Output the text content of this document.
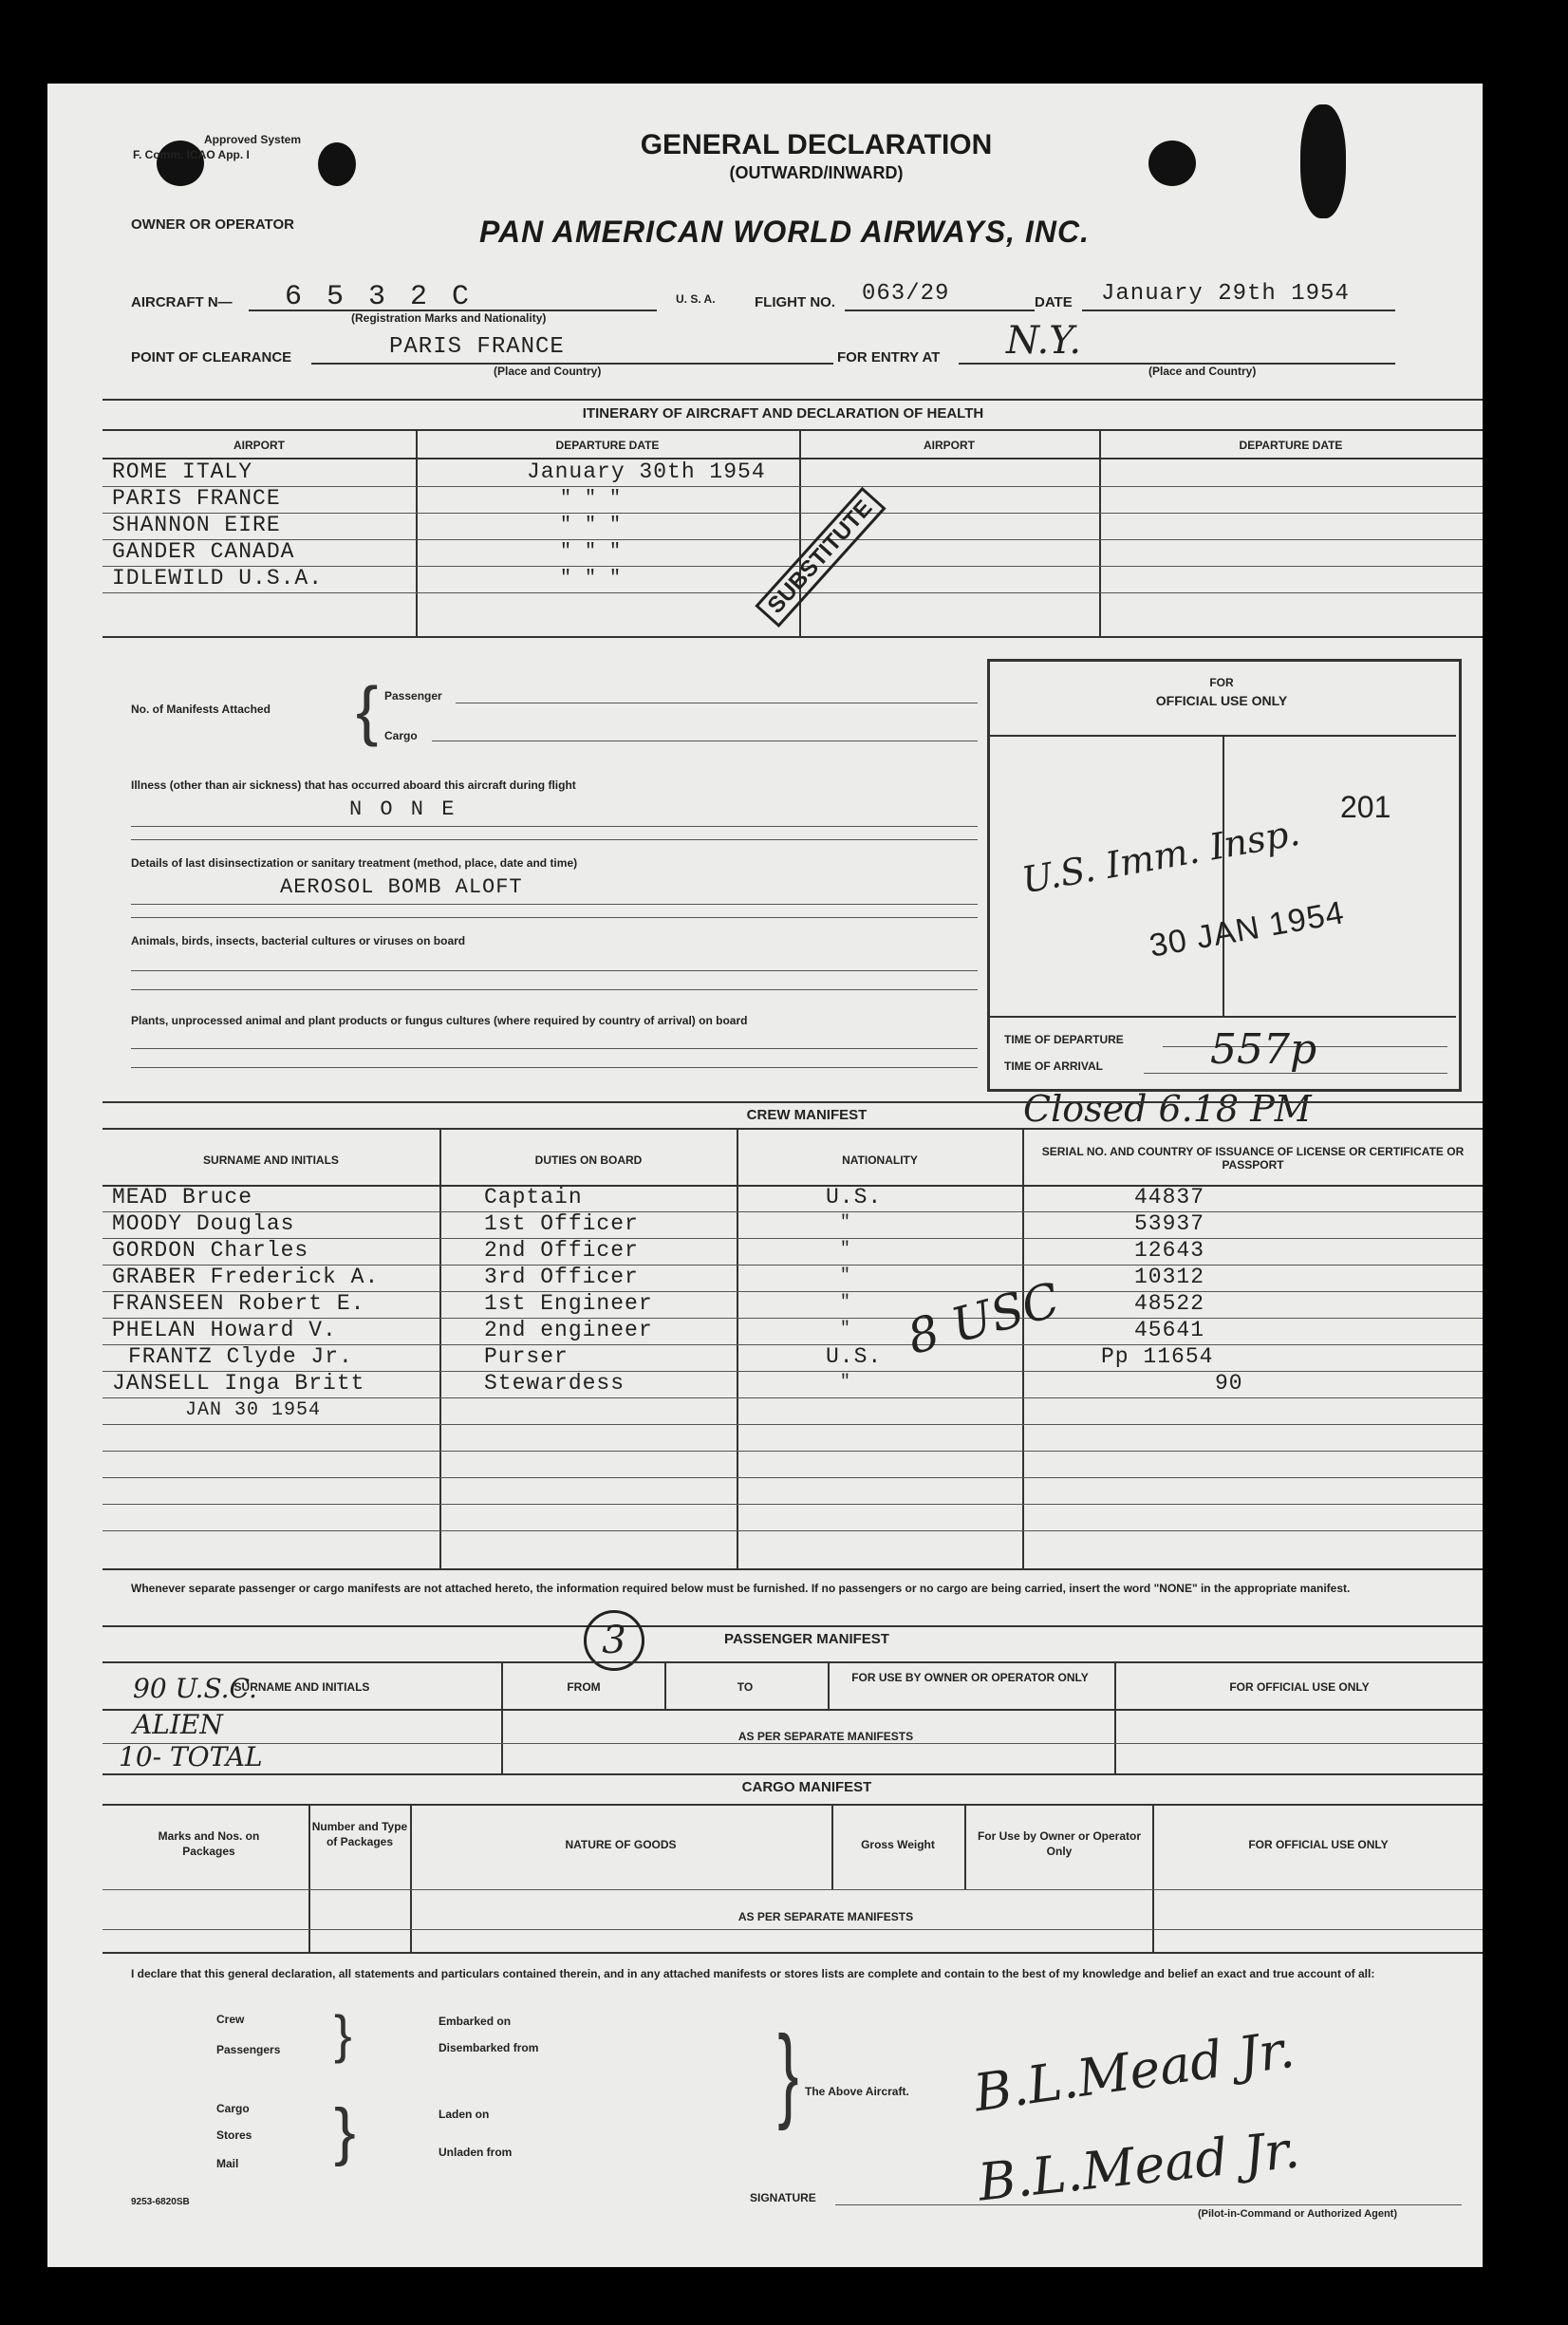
Approved System
F. Comm. ICAO App. I	GENERAL DECLARATION
(OUTWARD/INWARD)
OWNER OR OPERATOR	PAN AMERICAN WORLD AIRWAYS, INC.
AIRCRAFT N— 6 5 3 2 C
(Registration Marks and Nationality)
U. S. A.	FLIGHT NO. 063/29	DATE January 29th 1954
POINT OF CLEARANCE	PARIS FRANCE
(Place and Country)
FOR ENTRY AT N.Y.
(Place and Country)
ITINERARY OF AIRCRAFT AND DECLARATION OF HEALTH
AIRPORT	DEPARTURE DATE	AIRPORT	DEPARTURE DATE
ROME ITALY	January 30th 1954
PARIS FRANCE	" " "
SHANNON EIRE	" " "
GANDER CANADA	" " "
IDLEWILD U.S.A.	" " "	SUBSTITUTE
No. of Manifests Attached { Passenger
Cargo
Illness (other than air sickness) that has occurred aboard this aircraft during flight
N O N E
Details of last disinsectization or sanitary treatment (method, place, date and time)
AEROSOL BOMB ALOFT
Animals, birds, insects, bacterial cultures or viruses on board
Plants, unprocessed animal and plant products or fungus cultures (where required by country of arrival) on board
FOR
OFFICIAL USE ONLY
201
U.S. Imm. Insp.
30 JAN 1954
TIME OF DEPARTURE
TIME OF ARRIVAL	557p
Closed 6.18 PM
CREW MANIFEST
SURNAME AND INITIALS	DUTIES ON BOARD	NATIONALITY
SERIAL NO. AND COUNTRY OF ISSUANCE OF LICENSE OR CERTIFICATE OR PASSPORT
MEAD Bruce	Captain	U.S.	44837
MOODY Douglas	1st Officer	"	53937
GORDON Charles	2nd Officer	"	12643
GRABER Frederick A.	3rd Officer	"	10312
FRANSEEN Robert E.	1st Engineer	"	48522
PHELAN Howard V.	2nd engineer	"	45641
FRANTZ Clyde Jr.	Purser	U.S.	Pp 11654
JANSELL Inga Britt	Stewardess	"	90
JAN 30 1954
8 USC
Whenever separate passenger or cargo manifests are not attached hereto, the information required below must be furnished. If no passengers or no cargo are being carried, insert the word "NONE" in the appropriate manifest.
PASSENGER MANIFEST
3
SURNAME AND INITIALS	FROM	TO
FOR USE BY OWNER OR OPERATOR ONLY
FOR OFFICIAL USE ONLY
AS PER SEPARATE MANIFESTS
90 U.S.C.
ALIEN
10- TOTAL
CARGO MANIFEST
Marks and Nos. on Packages
Number and Type of Packages	NATURE OF GOODS	Gross Weight
For Use by Owner or Operator Only	FOR OFFICIAL USE ONLY
AS PER SEPARATE MANIFESTS
I declare that this general declaration, all statements and particulars contained therein, and in any attached manifests or stores lists are complete and contain to the best of my knowledge and belief an exact and true account of all:
Crew
Passengers }	Embarked on
Disembarked from
Cargo
Stores
Mail }	Laden on
Unladen from
} The Above Aircraft. B.L.Mead Jr.
B.L.Mead Jr.
SIGNATURE
9253-6820SB
(Pilot-in-Command or Authorized Agent)
